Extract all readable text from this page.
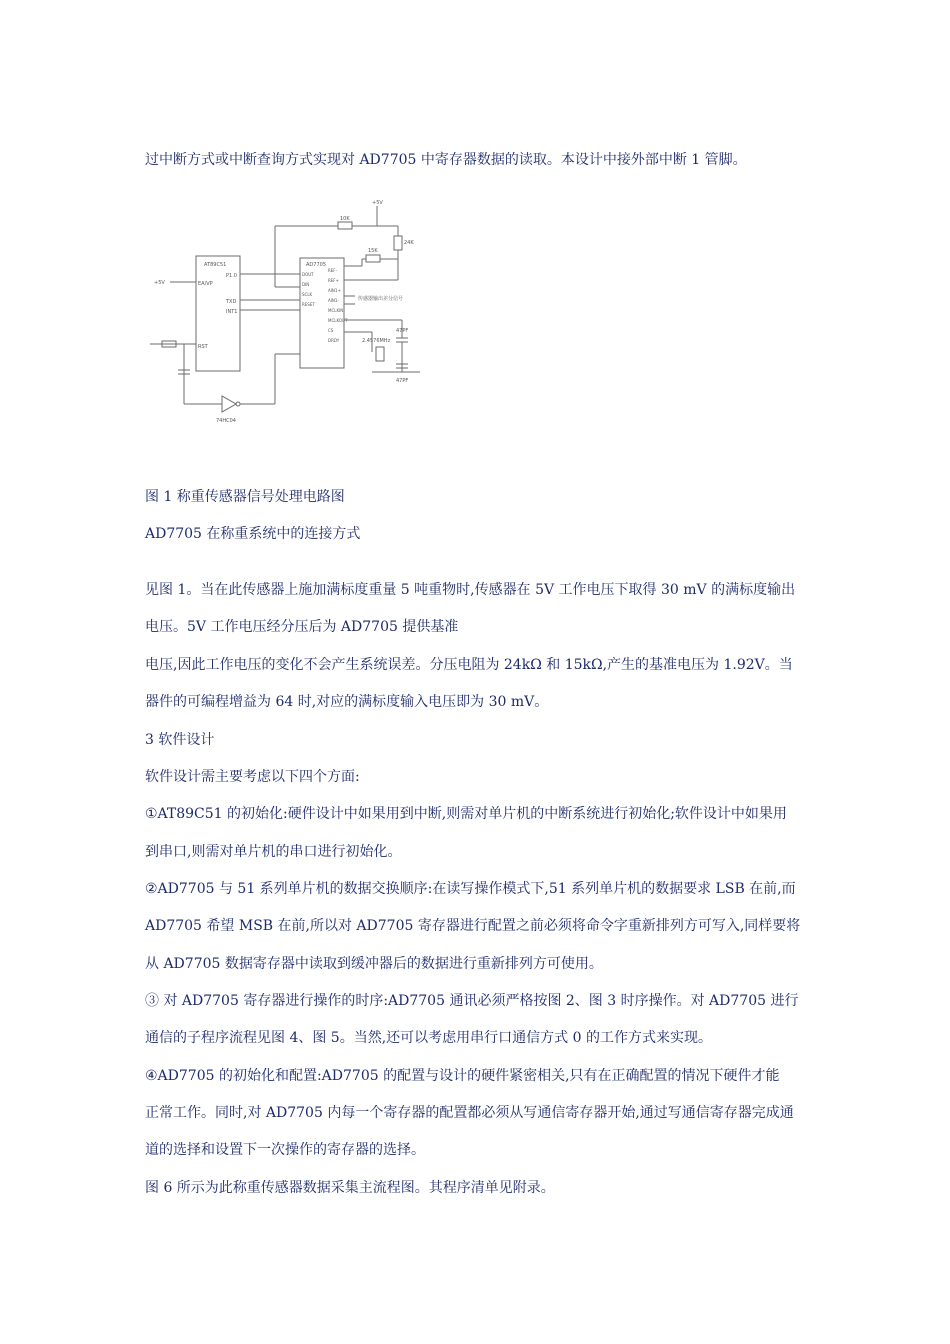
过中断方式或中断查询方式实现对 AD7705 中寄存器数据的读取。本设计中接外部中断 1 管脚。
AT89C51	AD7705
10K
15K
24K
+5V
传感器输出差分信号
2.4576MHz
47PF
47PF
74HC04
RST
EA/VP
P1.0
TXD
INT1
+5V
DOUT
DIN
SCLK
RESET
REF-
REF+
AIN1+
AIN1-
MCLKIN
MCLKOUT
CS
DRDY
图 1 称重传感器信号处理电路图
AD7705 在称重系统中的连接方式
见图 1。当在此传感器上施加满标度重量 5 吨重物时,传感器在 5V 工作电压下取得 30 mV 的满标度输出
电压。5V 工作电压经分压后为 AD7705 提供基准
电压,因此工作电压的变化不会产生系统误差。分压电阻为 24kΩ 和 15kΩ,产生的基准电压为 1.92V。当
器件的可编程增益为 64 时,对应的满标度输入电压即为 30 mV。
3 软件设计
软件设计需主要考虑以下四个方面:
①AT89C51 的初始化:硬件设计中如果用到中断,则需对单片机的中断系统进行初始化;软件设计中如果用
到串口,则需对单片机的串口进行初始化。
②AD7705 与 51 系列单片机的数据交换顺序:在读写操作模式下,51 系列单片机的数据要求 LSB 在前,而
AD7705 希望 MSB 在前,所以对 AD7705 寄存器进行配置之前必须将命令字重新排列方可写入,同样要将
从 AD7705 数据寄存器中读取到缓冲器后的数据进行重新排列方可使用。
③ 对 AD7705 寄存器进行操作的时序:AD7705 通讯必须严格按图 2、图 3 时序操作。对 AD7705 进行
通信的子程序流程见图 4、图 5。当然,还可以考虑用串行口通信方式 0 的工作方式来实现。
④AD7705 的初始化和配置:AD7705 的配置与设计的硬件紧密相关,只有在正确配置的情况下硬件才能
正常工作。同时,对 AD7705 内每一个寄存器的配置都必须从写通信寄存器开始,通过写通信寄存器完成通
道的选择和设置下一次操作的寄存器的选择。
图 6 所示为此称重传感器数据采集主流程图。其程序清单见附录。
